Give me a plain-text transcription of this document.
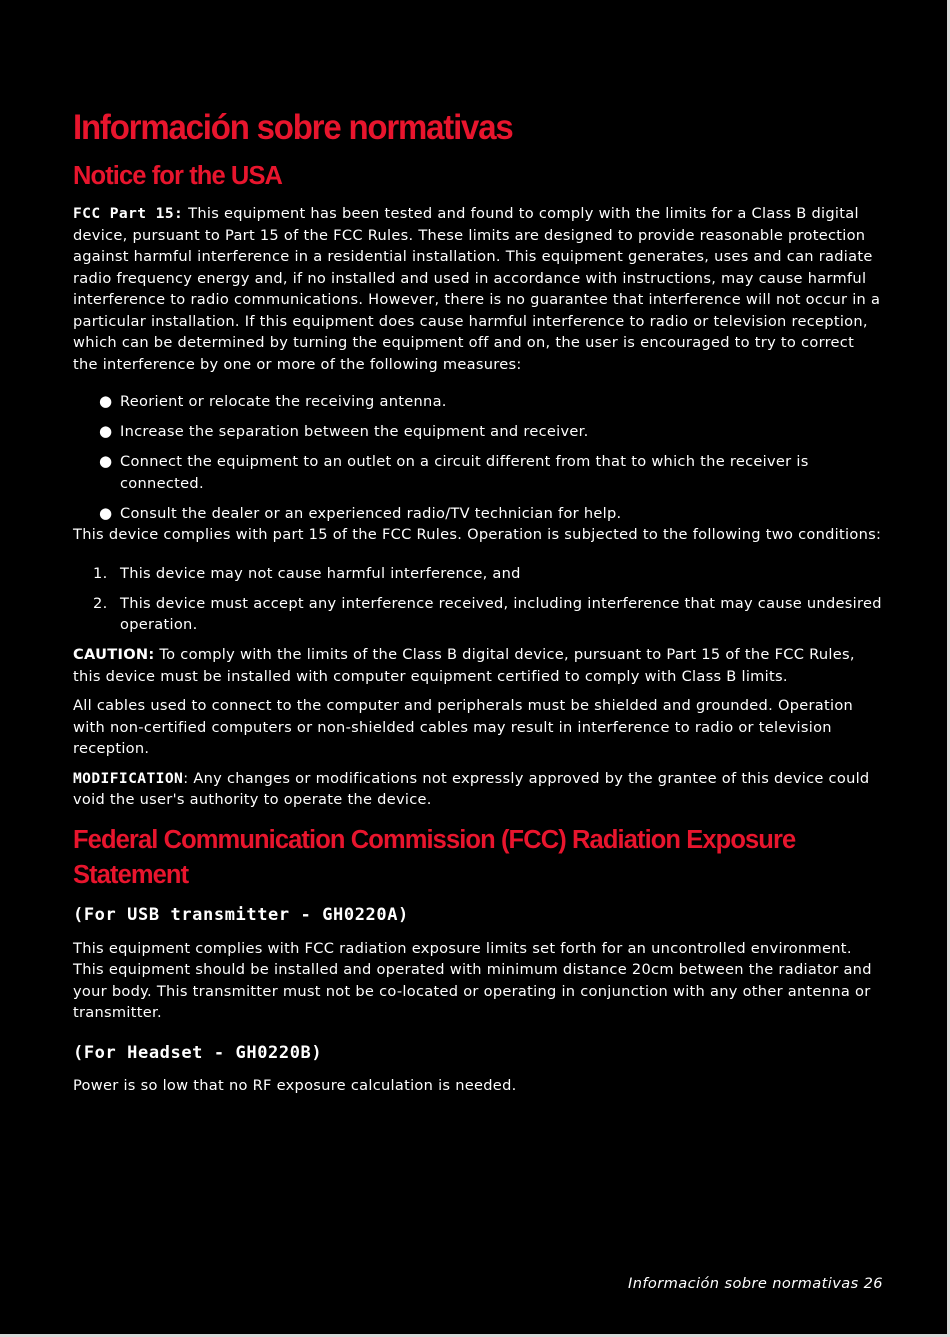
Información sobre normativas
Notice for the USA

FCC Part 15: This equipment has been tested and found to comply with the limits for a Class B digital device, pursuant to Part 15 of the FCC Rules. These limits are designed to provide reasonable protection against harmful interference in a residential installation. This equipment generates, uses and can radiate radio frequency energy and, if no installed and used in accordance with instructions, may cause harmful interference to radio communications. However, there is no guarantee that interference will not occur in a particular installation. If this equipment does cause harmful interference to radio or television reception, which can be determined by turning the equipment off and on, the user is encouraged to try to correct the interference by one or more of the following measures:

● Reorient or relocate the receiving antenna.
● Increase the separation between the equipment and receiver.
● Connect the equipment to an outlet on a circuit different from that to which the receiver is connected.
● Consult the dealer or an experienced radio/TV technician for help.

This device complies with part 15 of the FCC Rules. Operation is subjected to the following two conditions:

1. This device may not cause harmful interference, and
2. This device must accept any interference received, including interference that may cause undesired operation.

CAUTION: To comply with the limits of the Class B digital device, pursuant to Part 15 of the FCC Rules, this device must be installed with computer equipment certified to comply with Class B limits.

All cables used to connect to the computer and peripherals must be shielded and grounded. Operation with non-certified computers or non-shielded cables may result in interference to radio or television reception.

MODIFICATION: Any changes or modifications not expressly approved by the grantee of this device could void the user's authority to operate the device.

Federal Communication Commission (FCC) Radiation Exposure Statement
(For USB transmitter - GH0220A)

This equipment complies with FCC radiation exposure limits set forth for an uncontrolled environment. This equipment should be installed and operated with minimum distance 20cm between the radiator and your body. This transmitter must not be co-located or operating in conjunction with any other antenna or transmitter.

(For Headset - GH0220B)

Power is so low that no RF exposure calculation is needed.

Información sobre normativas 26
